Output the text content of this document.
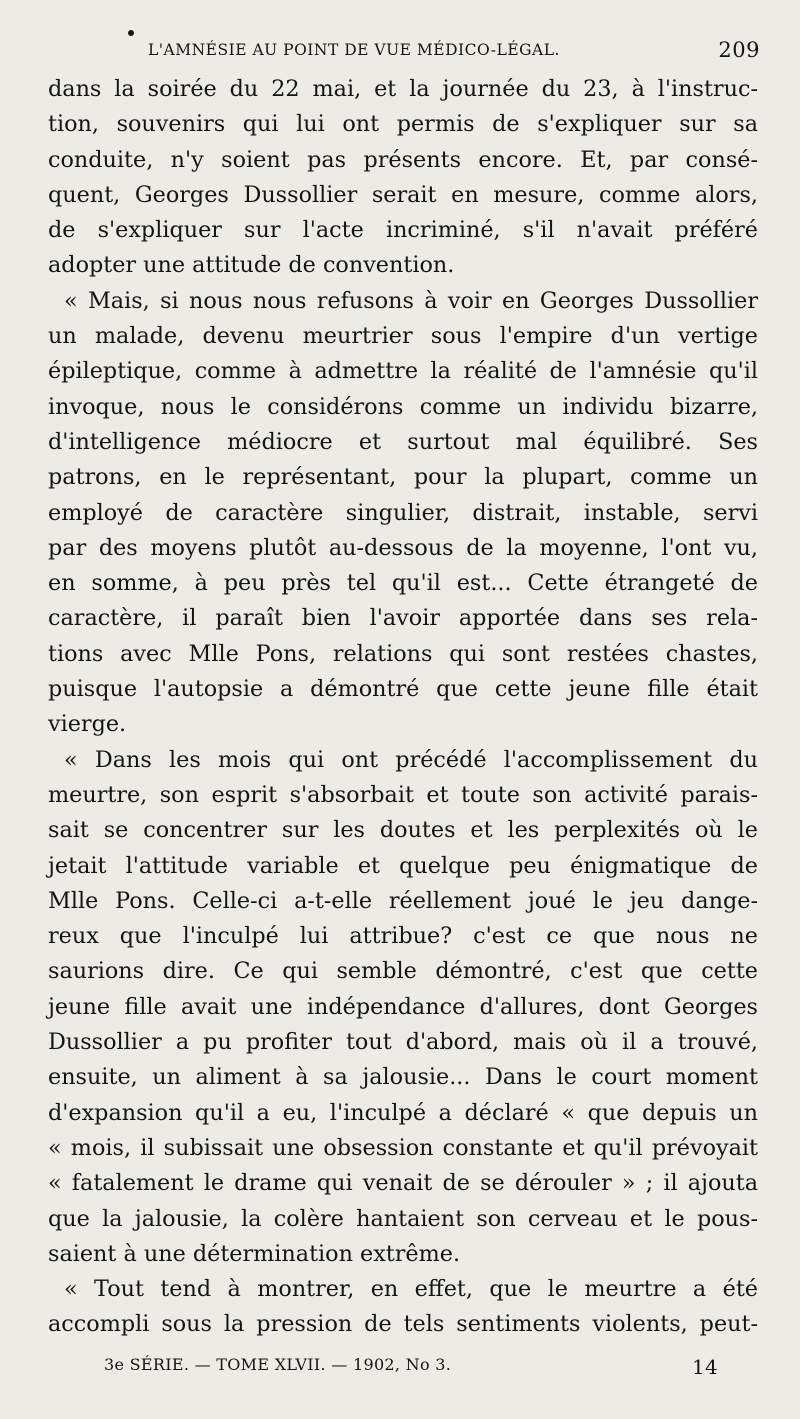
L'AMNÉSIE AU POINT DE VUE MÉDICO-LÉGAL.	209
dans la soirée du 22 mai, et la journée du 23, à l'instruc-
tion, souvenirs qui lui ont permis de s'expliquer sur sa
conduite, n'y soient pas présents encore. Et, par consé-
quent, Georges Dussollier serait en mesure, comme alors,
de s'expliquer sur l'acte incriminé, s'il n'avait préféré
adopter une attitude de convention.
« Mais, si nous nous refusons à voir en Georges Dussollier
un malade, devenu meurtrier sous l'empire d'un vertige
épileptique, comme à admettre la réalité de l'amnésie qu'il
invoque, nous le considérons comme un individu bizarre,
d'intelligence médiocre et surtout mal équilibré. Ses
patrons, en le représentant, pour la plupart, comme un
employé de caractère singulier, distrait, instable, servi
par des moyens plutôt au-dessous de la moyenne, l'ont vu,
en somme, à peu près tel qu'il est... Cette étrangeté de
caractère, il paraît bien l'avoir apportée dans ses rela-
tions avec Mlle Pons, relations qui sont restées chastes,
puisque l'autopsie a démontré que cette jeune fille était
vierge.
« Dans les mois qui ont précédé l'accomplissement du
meurtre, son esprit s'absorbait et toute son activité parais-
sait se concentrer sur les doutes et les perplexités où le
jetait l'attitude variable et quelque peu énigmatique de
Mlle Pons. Celle-ci a-t-elle réellement joué le jeu dange-
reux que l'inculpé lui attribue? c'est ce que nous ne
saurions dire. Ce qui semble démontré, c'est que cette
jeune fille avait une indépendance d'allures, dont Georges
Dussollier a pu profiter tout d'abord, mais où il a trouvé,
ensuite, un aliment à sa jalousie... Dans le court moment
d'expansion qu'il a eu, l'inculpé a déclaré « que depuis un
« mois, il subissait une obsession constante et qu'il prévoyait
« fatalement le drame qui venait de se dérouler » ; il ajouta
que la jalousie, la colère hantaient son cerveau et le pous-
saient à une détermination extrême.
« Tout tend à montrer, en effet, que le meurtre a été
accompli sous la pression de tels sentiments violents, peut-
3e SÉRIE. — TOME XLVII. — 1902, No 3.	14
